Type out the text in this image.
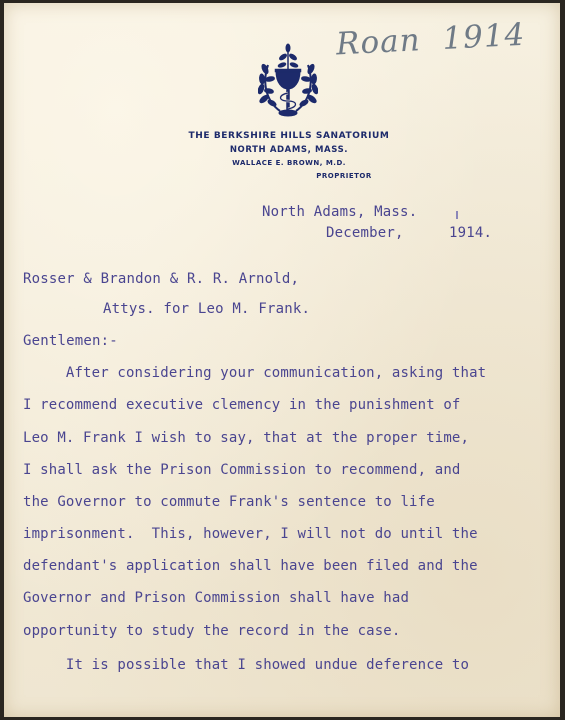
Roan 1914
THE BERKSHIRE HILLS SANATORIUM
NORTH ADAMS, MASS.
WALLACE E. BROWN, M.D.
PROPRIETOR
North Adams, Mass.
December,	1914.
Rosser & Brandon & R. R. Arnold,
Attys. for Leo M. Frank.
Gentlemen:-
After considering your communication, asking that
I recommend executive clemency in the punishment of
Leo M. Frank I wish to say, that at the proper time,
I shall ask the Prison Commission to recommend, and
the Governor to commute Frank's sentence to life
imprisonment.  This, however, I will not do until the
defendant's application shall have been filed and the
Governor and Prison Commission shall have had
opportunity to study the record in the case.
It is possible that I showed undue deference to
